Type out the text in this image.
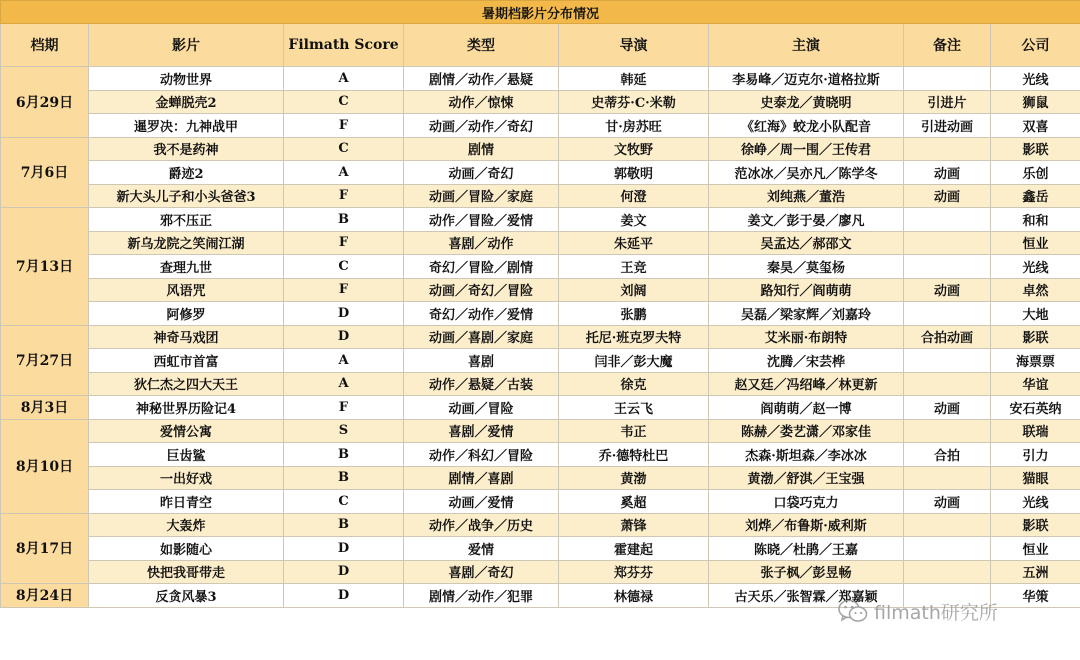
暑期档影片分布情况							
档期	影片	Filmath Score	类型	导演	主演	备注	公司
6月29日	动物世界	A	剧情／动作／悬疑	韩延	李易峰／迈克尔·道格拉斯		光线
	金蝉脱壳2	C	动作／惊悚	史蒂芬·C·米勒	史泰龙／黄晓明	引进片	狮鼠
	暹罗决：九神战甲	F	动画／动作／奇幻	甘·房苏旺	《红海》蛟龙小队配音	引进动画	双喜
7月6日	我不是药神	C	剧情	文牧野	徐峥／周一围／王传君		影联
	爵迹2	A	动画／奇幻	郭敬明	范冰冰／吴亦凡／陈学冬	动画	乐创
	新大头儿子和小头爸爸3	F	动画／冒险／家庭	何澄	刘纯燕／董浩	动画	鑫岳
7月13日	邪不压正	B	动作／冒险／爱情	姜文	姜文／彭于晏／廖凡		和和
	新乌龙院之笑闹江湖	F	喜剧／动作	朱延平	吴孟达／郝邵文		恒业
	查理九世	C	奇幻／冒险／剧情	王竞	秦昊／莫玺杨		光线
	风语咒	F	动画／奇幻／冒险	刘阔	路知行／阎萌萌	动画	卓然
	阿修罗	D	奇幻／动作／爱情	张鹏	吴磊／梁家辉／刘嘉玲		大地
7月27日	神奇马戏团	D	动画／喜剧／家庭	托尼·班克罗夫特	艾米丽·布朗特	合拍动画	影联
	西虹市首富	A	喜剧	闫非／彭大魔	沈腾／宋芸桦		海票票
	狄仁杰之四大天王	A	动作／悬疑／古装	徐克	赵又廷／冯绍峰／林更新		华谊
8月3日	神秘世界历险记4	F	动画／冒险	王云飞	阎萌萌／赵一博	动画	安石英纳
8月10日	爱情公寓	S	喜剧／爱情	韦正	陈赫／娄艺潇／邓家佳		联瑞
	巨齿鲨	B	动作／科幻／冒险	乔·德特杜巴	杰森·斯坦森／李冰冰	合拍	引力
	一出好戏	B	剧情／喜剧	黄渤	黄渤／舒淇／王宝强		猫眼
	昨日青空	C	动画／爱情	奚超	口袋巧克力	动画	光线
8月17日	大轰炸	B	动作／战争／历史	萧锋	刘烨／布鲁斯·威利斯		影联
	如影随心	D	爱情	霍建起	陈晓／杜鹃／王嘉		恒业
	快把我哥带走	D	喜剧／奇幻	郑芬芬	张子枫／彭昱畅		五洲
8月24日	反贪风暴3	D	剧情／动作／犯罪	林德禄	古天乐／张智霖／郑嘉颖		华策
filmath研究所
